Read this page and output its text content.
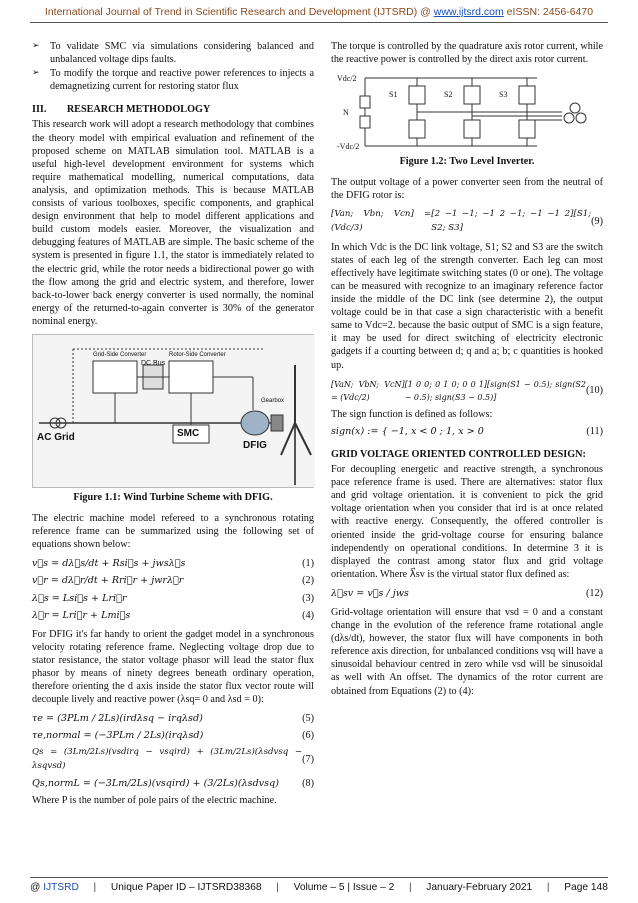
International Journal of Trend in Scientific Research and Development (IJTSRD) @ www.ijtsrd.com eISSN: 2456-6470
➢	To validate SMC via simulations considering balanced and unbalanced voltage dips faults.
➢	To modify the torque and reactive power references to injects a demagnetizing current for restoring stator flux
III.        RESEARCH METHODOLOGY

This research work will adopt a research methodology that combines the theory model with empirical evaluation and refinement of the proposed scheme on MATLAB simulation tool. MATLAB is a useful high-level development environment for systems which require mathematical modelling, numerical computations, data analysis, and optimization methods. This is because MATLAB consists of various toolboxes, specific components, and graphical design environment that help to model different applications and build custom models easier. Moreover, the visualization and debugging features of MATLAB are simple. The basic scheme of the system is presented in figure 1.1, the stator is immediately related to the electric grid, while the rotor needs a bidirectional power go with the flow among the grid and electric system, and therefore, lower back-to-lower back energy converter is used normally, the nominal energy of the returned-to-again converter is 30% of the generator nominal energy.

AC Grid
Grid-Side Converter
DC Bus
Rotor-Side Converter
Gearbox
SMC
DFIG
Figure 1.1: Wind Turbine Scheme with DFIG.

The electric machine model refereed to a synchronous rotating reference frame can be summarized using the following set of equations shown below:

v⃗s = dλ⃗s/dt + Rsi⃗s + jwsλ⃗s	(1)
v⃗r = dλ⃗r/dt + Rri⃗r + jwrλ⃗r	(2)
λ⃗s = Lsi⃗s + Lri⃗r	(3)
λ⃗r = Lri⃗r + Lmi⃗s	(4)

For DFIG it's far handy to orient the gadget model in a synchronous velocity rotating reference frame. Neglecting voltage drop due to stator resistance, the stator voltage phasor will lead the stator flux phasor by means of ninety degrees beneath ordinary operation, therefore orienting the d axis inside the stator flux vector route will decouple lively and reactive power (λsq= 0 and λsd = 0):

τe = (3PLm / 2Ls)(irdλsq − irqλsd)	(5)
τe,normal = (−3PLm / 2Ls)(irqλsd)	(6)
Qs = (3Lm/2Ls)(vsdirq − vsqird) + (3Lm/2Ls)(λsdvsq − λsqvsd)
(7)
Qs,normL = (−3Lm/2Ls)(vsqird) + (3/2Ls)(λsdvsq) (8)

Where P is the number of pole pairs of the electric machine.

The torque is controlled by the quadrature axis rotor current, while the reactive power is controlled by the direct axis rotor current.

Vdc/2
-Vdc/2
N
S1	S2	S3
Figure 1.2: Two Level Inverter.

The output voltage of a power converter seen from the neutral of the DFIG rotor is:

[Van; Vbn; Vcn] = (Vdc/3)
[2 −1 −1; −1 2 −1; −1 −1 2][S1; S2; S3]
(9)

In which Vdc is the DC link voltage, S1; S2 and S3 are the switch states of each leg of the strength converter. Each leg can most effectively have legitimate switching states (0 or one). The voltage can be measured with recognize to an imaginary reference factor inside the middle of the DC link (see determine 2), the output voltage could be in that case a sign characteristic with a benefit same to Vdc=2. because the basic output of SMC is a sign feature, it may be used for direct switching of electricity electronic gadgets if a courting between d; q and a; b; c quantities is hooked up.

[VaN; VbN; VcN] = (Vdc/2)
[1 0 0; 0 1 0; 0 0 1][sign(S1 − 0.5); sign(S2 − 0.5); sign(S3 − 0.5)]
(10)

The sign function is defined as follows:

sign(x) := { −1, x < 0 ; 1, x > 0	(11)
GRID VOLTAGE ORIENTED CONTROLLED DESIGN:

For decoupling energetic and reactive strength, a synchronous pace reference frame is used. There are alternatives: stator flux and grid voltage orientation. it is convenient to pick the grid voltage orientation when you consider that ird is at once related with reactive energy. Consequently, the offered controller is oriented inside the grid-voltage course for ensuring balance independently on operational conditions. In determine 3 it is displayed the contrast among stator flux and grid voltage orientation. Where λ⃗sv is the virtual stator flux defined as:

λ⃗sv = v⃗s / jws	(12)

Grid-voltage orientation will ensure that vsd = 0 and a constant change in the evolution of the reference frame rotational angle (dλs/dt), however, the stator flux will have components in both reference axis direction, for unbalanced conditions vsq will have a sinusoidal behaviour centred in zero while vsd will be sinusoidal as well with An offset. The dynamics of the rotor current are obtained from Equations (2) to (4):

@ IJTSRD | Unique Paper ID – IJTSRD38368 | Volume – 5 | Issue – 2 | January-February 2021 | Page 148
